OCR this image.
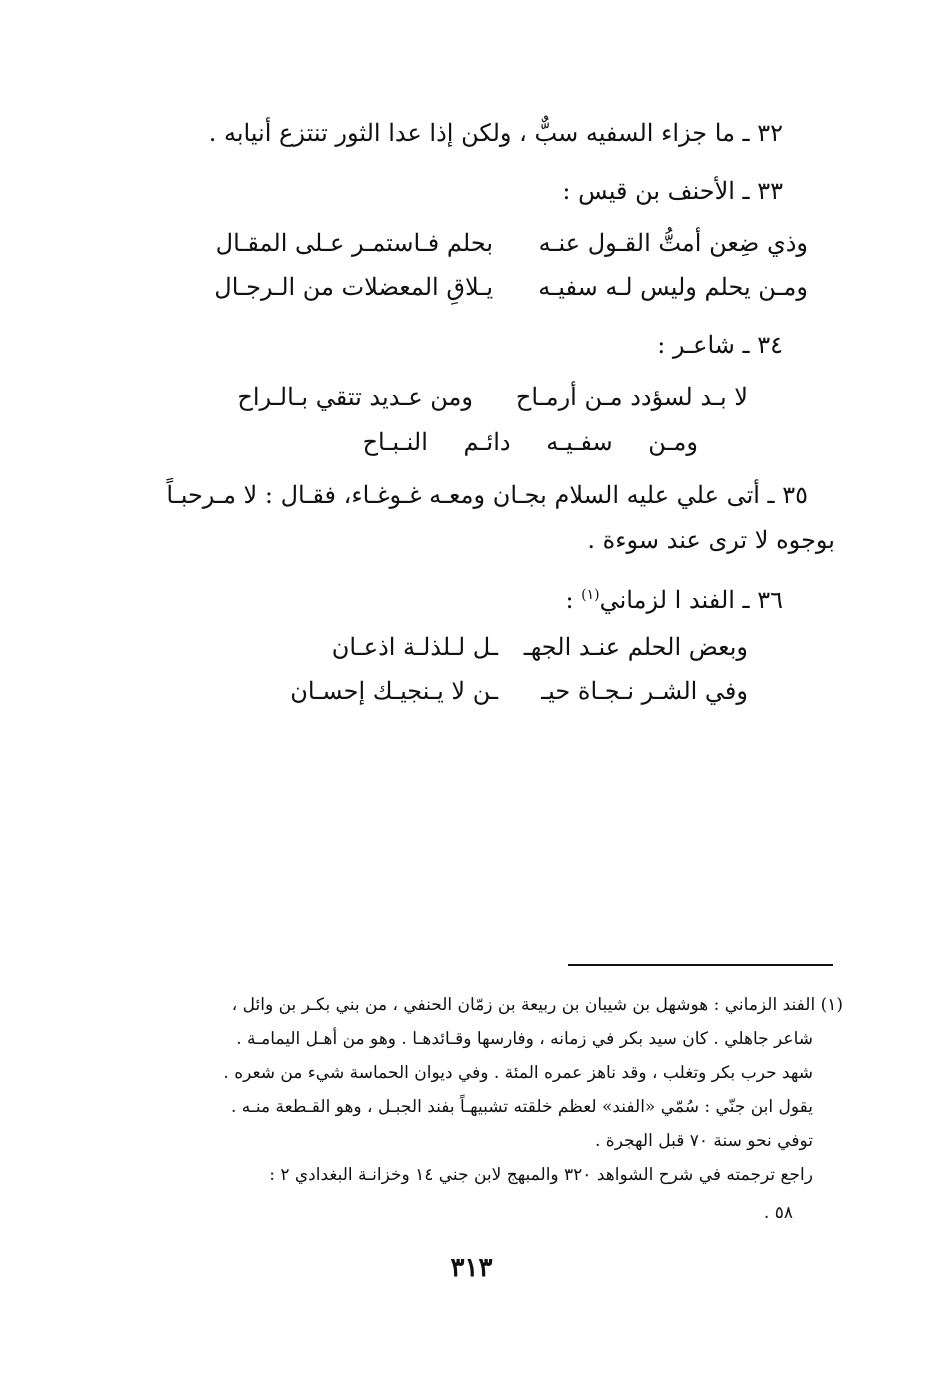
٣٢ ـ ما جزاء السفيه سبٌّ ، ولكن إذا عدا الثور تنتزع أنيابه .
٣٣ ـ الأحنف بن قيس :
وذي ضِعن أمتُّ القـول عنـه
بحلم فـاستمـر عـلى المقـال
ومـن يحلم وليس لـه سفيـه
يـلاقِ المعضلات من الـرجـال
٣٤ ـ شاعـر :
لا بـد لسؤدد مـن أرمـاح
ومن عـديد تتقي بـالـراح
ومـن سفـيـه دائـم النـبـاح
٣٥ ـ أتى علي عليه السلام بجـان ومعـه غـوغـاء، فقـال : لا مـرحبـاً
بوجوه لا ترى عند سوءة .
٣٦ ـ الفند ا لزماني$^{(١)}$ :
وبعض الحلم عنـد الجهـ
ـل لـلذلـة اذعـان
وفي الشـر نـجـاة حيـ
ـن لا يـنجيـك إحسـان
(١) الفند الزماني : هوشهل بن شيبان بن ربيعة بن زمّان الحنفي ، من بني بكـر بن وائل ،
شاعر جاهلي . كان سيد بكر في زمانه ، وفارسها وقـائدهـا . وهو من أهـل اليمامـة .
شهد حرب بكر وتغلب ، وقد ناهز عمره المئة . وفي ديوان الحماسة شيء من شعره .
يقول ابن جنّي : سُمّي «الفند» لعظم خلقته تشبيهـاً بفند الجبـل ، وهو القـطعة منـه .
توفي نحو سنة ٧٠ قبل الهجرة .
راجع ترجمته في شرح الشواهد ٣٢٠ والمبهج لابن جني ١٤ وخزانـة البغدادي ٢ :
٥٨ .
٣١٣
